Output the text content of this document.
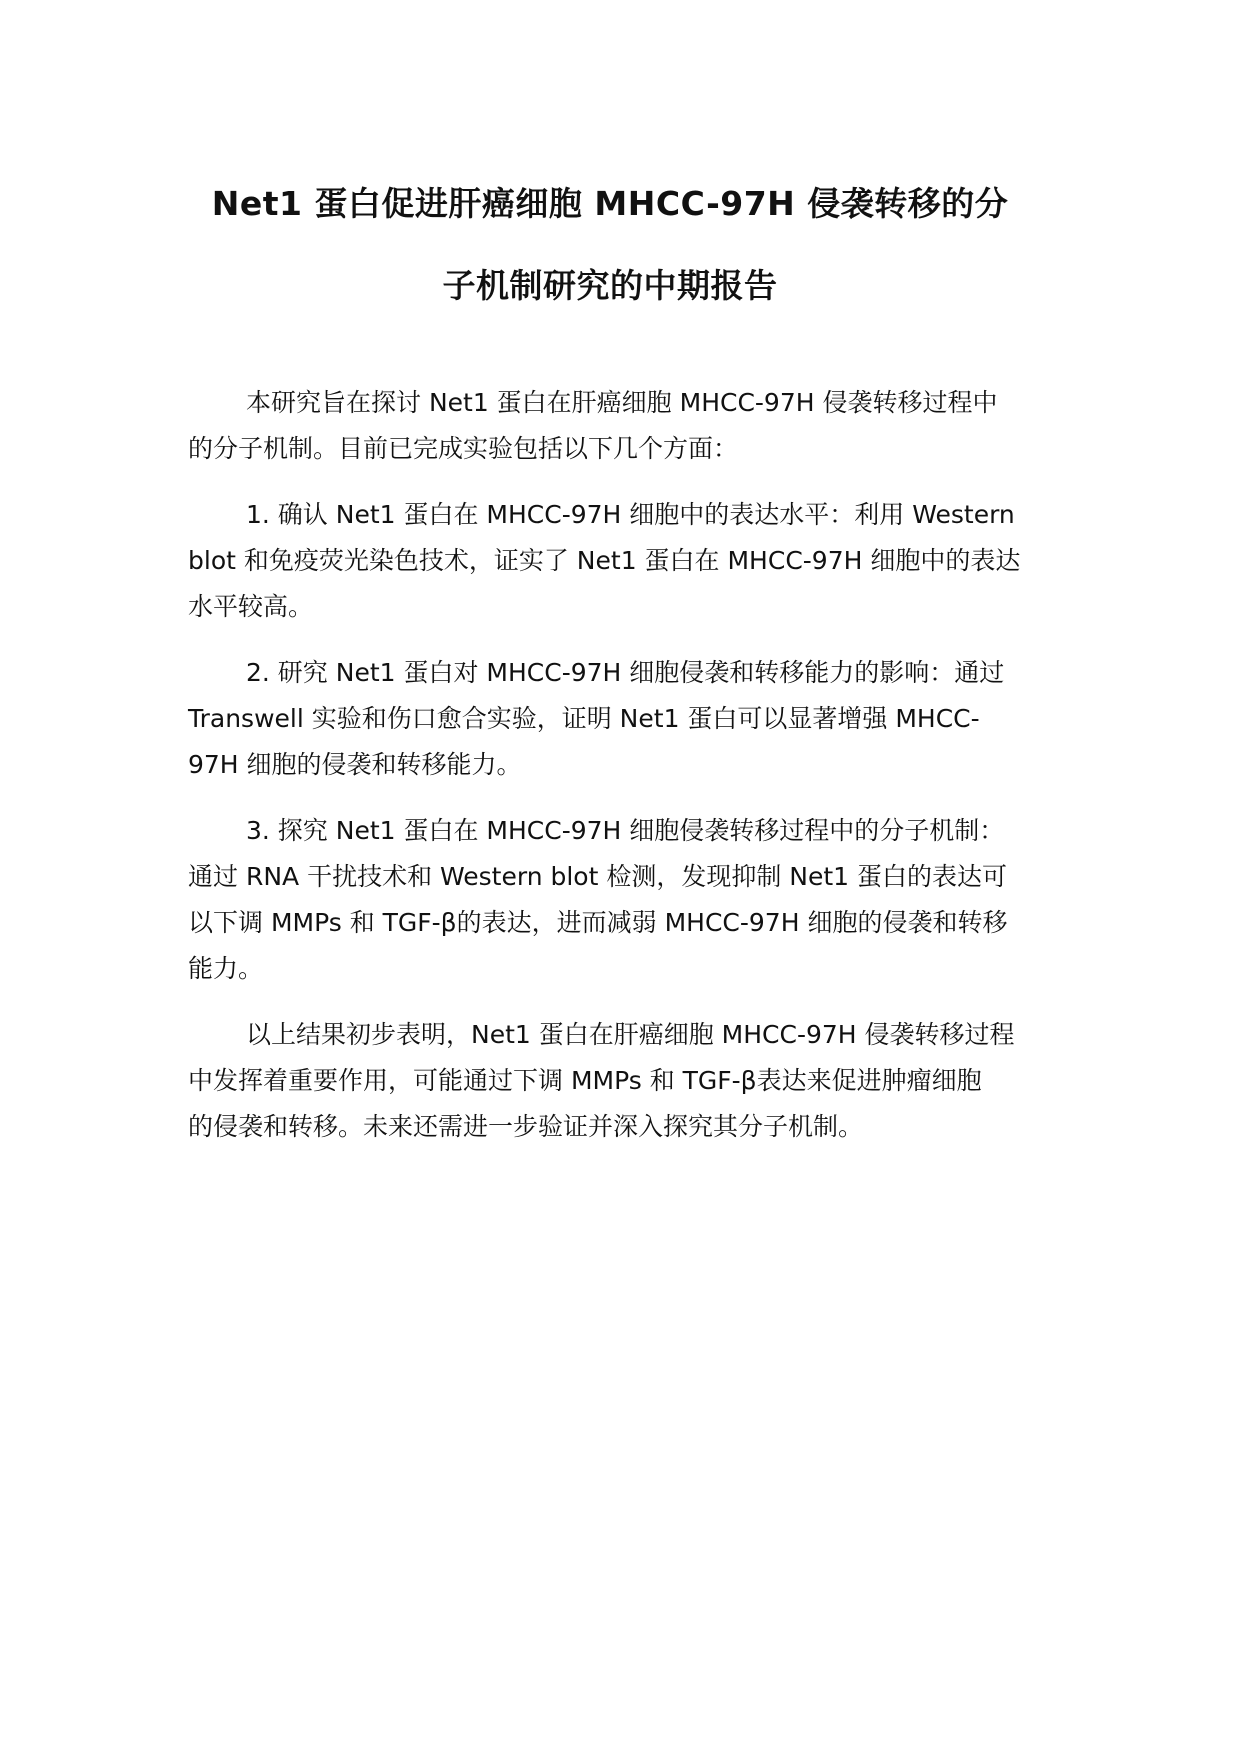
Net1 蛋白促进肝癌细胞 MHCC-97H 侵袭转移的分
子机制研究的中期报告

本研究旨在探讨 Net1 蛋白在肝癌细胞 MHCC-97H 侵袭转移过程中
的分子机制。目前已完成实验包括以下几个方面：

1. 确认 Net1 蛋白在 MHCC-97H 细胞中的表达水平：利用 Western
blot 和免疫荧光染色技术，证实了 Net1 蛋白在 MHCC-97H 细胞中的表达
水平较高。

2. 研究 Net1 蛋白对 MHCC-97H 细胞侵袭和转移能力的影响：通过
Transwell 实验和伤口愈合实验，证明 Net1 蛋白可以显著增强 MHCC-
97H 细胞的侵袭和转移能力。

3. 探究 Net1 蛋白在 MHCC-97H 细胞侵袭转移过程中的分子机制：
通过 RNA 干扰技术和 Western blot 检测，发现抑制 Net1 蛋白的表达可
以下调 MMPs 和 TGF-β的表达，进而减弱 MHCC-97H 细胞的侵袭和转移
能力。

以上结果初步表明，Net1 蛋白在肝癌细胞 MHCC-97H 侵袭转移过程
中发挥着重要作用，可能通过下调 MMPs 和 TGF-β表达来促进肿瘤细胞
的侵袭和转移。未来还需进一步验证并深入探究其分子机制。
